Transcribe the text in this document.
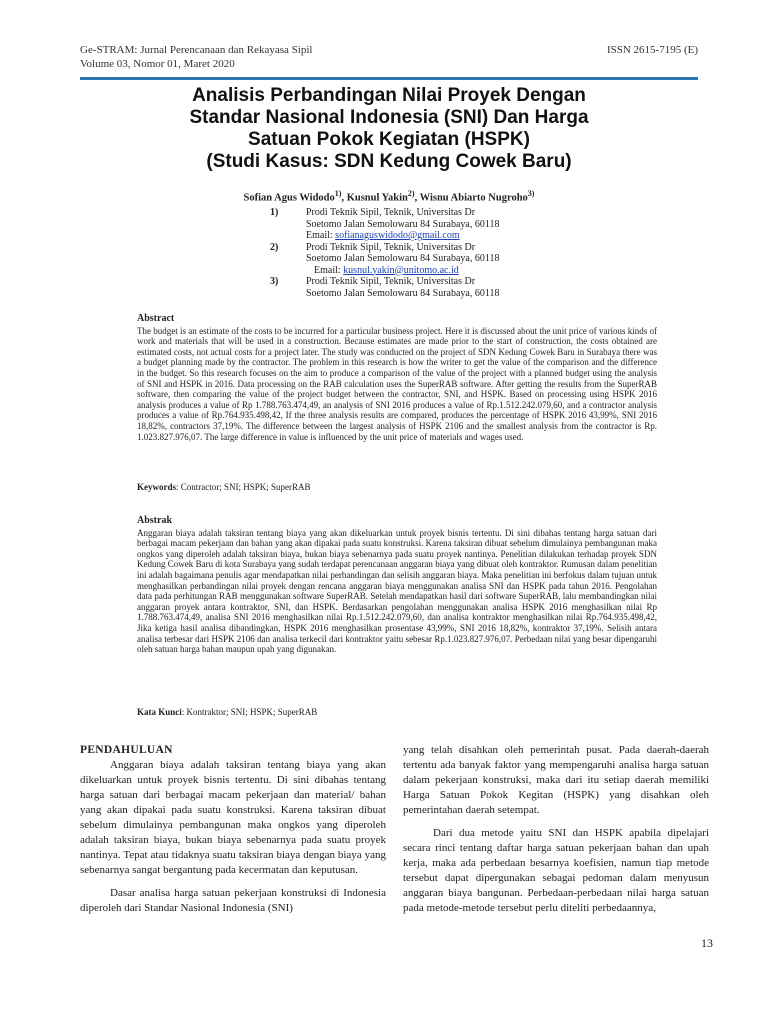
Ge-STRAM: Jurnal Perencanaan dan Rekayasa Sipil
Volume 03, Nomor 01, Maret 2020
ISSN 2615-7195 (E)
Analisis Perbandingan Nilai Proyek Dengan
Standar Nasional Indonesia (SNI) Dan Harga
Satuan Pokok Kegiatan (HSPK)
(Studi Kasus: SDN Kedung Cowek Baru)
Sofian Agus Widodo$^{1)}$, Kusnul Yakin$^{2)}$, Wisnu Abiarto Nugroho$^{3)}$
1)	Prodi Teknik Sipil, Teknik, Universitas Dr
Soetomo Jalan Semolowaru 84 Surabaya, 60118
Email: sofianaguswidodo@gmail.com
2)	Prodi Teknik Sipil, Teknik, Universitas Dr
Soetomo Jalan Semolowaru 84 Surabaya, 60118
Email: kusnul.yakin@unitomo.ac.id
3)	Prodi Teknik Sipil, Teknik, Universitas Dr
Soetomo Jalan Semolowaru 84 Surabaya, 60118
Abstract

The budget is an estimate of the costs to be incurred for a particular business project. Here it is discussed about the unit price of various kinds of work and materials that will be used in a construction. Because estimates are made prior to the start of construction, the costs obtained are estimated costs, not actual costs for a project later. The study was conducted on the project of SDN Kedung Cowek Baru in Surabaya there was a budget planning made by the contractor. The problem in this research is how the writer to get the value of the comparison and the difference in the budget. So this research focuses on the aim to produce a comparison of the value of the project with a planned budget using the analysis of SNI and HSPK in 2016. Data processing on the RAB calculation uses the SuperRAB software. After getting the results from the SuperRAB software, then comparing the value of the project budget between the contractor, SNI, and HSPK. Based on processing using HSPK 2016 analysis produces a value of Rp 1.788.763.474,49, an analysis of SNI 2016 produces a value of Rp.1.512.242.079,60, and a contractor analysis produces a value of Rp.764.935.498,42, If the three analysis results are compared, produces the percentage of HSPK 2016 43,99%, SNI 2016 18,82%, contractors 37,19%. The difference between the largest analysis of HSPK 2106 and the smallest analysis from the contractor is Rp. 1.023.827.976,07. The large difference in value is influenced by the unit price of materials and wages used.

Keywords: Contractor; SNI; HSPK; SuperRAB
Abstrak

Anggaran biaya adalah taksiran tentang biaya yang akan dikeluarkan untuk proyek bisnis tertentu. Di sini dibahas tentang harga satuan dari berbagai macam pekerjaan dan bahan yang akan dipakai pada suatu konstruksi. Karena taksiran dibuat sebelum dimulainya pembangunan maka ongkos yang diperoleh adalah taksiran biaya, bukan biaya sebenarnya pada suatu proyek nantinya. Penelitian dilakukan terhadap proyek SDN Kedung Cowek Baru di kota Surabaya yang sudah terdapat perencanaan anggaran biaya yang dibuat oleh kontraktor. Rumusan dalam penelitian ini adalah bagaimana penulis agar mendapatkan nilai perbandingan dan selisih anggaran biaya. Maka penelitian ini berfokus dalam tujuan untuk menghasilkan perbandingan nilai proyek dengan rencana anggaran biaya menggunakan analisa SNI dan HSPK pada tahun 2016. Pengolahan data pada perhitungan RAB menggunakan software SuperRAB. Setelah mendapatkan hasil dari software SuperRAB, lalu membandingkan nilai anggaran proyek antara kontraktor, SNI, dan HSPK. Berdasarkan pengolahan menggunakan analisa HSPK 2016 menghasilkan nilai Rp 1.788.763.474,49, analisa SNI 2016 menghasilkan nilai Rp.1.512.242.079,60, dan analisa kontraktor menghasilkan nilai Rp.764.935.498,42, Jika ketiga hasil analisa dibandingkan, HSPK 2016 menghasilkan prosentase 43,99%, SNI 2016 18,82%, kontraktor 37,19%. Selisih antara analisa terbesar dari HSPK 2106 dan analisa terkecil dari kontraktor yaitu sebesar Rp.1.023.827.976,07. Perbedaan nilai yang besar dipengaruhi oleh satuan harga bahan maupun upah yang digunakan.

Kata Kunci: Kontraktor; SNI; HSPK; SuperRAB
PENDAHULUAN

Anggaran biaya adalah taksiran tentang biaya yang akan dikeluarkan untuk proyek bisnis tertentu. Di sini dibahas tentang harga satuan dari berbagai macam pekerjaan dan material/ bahan yang akan dipakai pada suatu konstruksi. Karena taksiran dibuat sebelum dimulainya pembangunan maka ongkos yang diperoleh adalah taksiran biaya, bukan biaya sebenarnya pada suatu proyek nantinya. Tepat atau tidaknya suatu taksiran biaya dengan biaya yang sebenarnya sangat bergantung pada kecermatan dan keputusan.

Dasar analisa harga satuan pekerjaan konstruksi di Indonesia diperoleh dari Standar Nasional Indonesia (SNI)

yang telah disahkan oleh pemerintah pusat. Pada daerah-daerah tertentu ada banyak faktor yang mempengaruhi analisa harga satuan dalam pekerjaan konstruksi, maka dari itu setiap daerah memiliki Harga Satuan Pokok Kegitan (HSPK) yang disahkan oleh pemerintahan daerah setempat.

Dari dua metode yaitu SNI dan HSPK apabila dipelajari secara rinci tentang daftar harga satuan pekerjaan bahan dan upah kerja, maka ada perbedaan besarnya koefisien, namun tiap metode tersebut dapat dipergunakan sebagai pedoman dalam menyusun anggaran biaya bangunan. Perbedaan-perbedaan nilai harga satuan pada metode-metode tersebut perlu diteliti perbedaannya,

13
